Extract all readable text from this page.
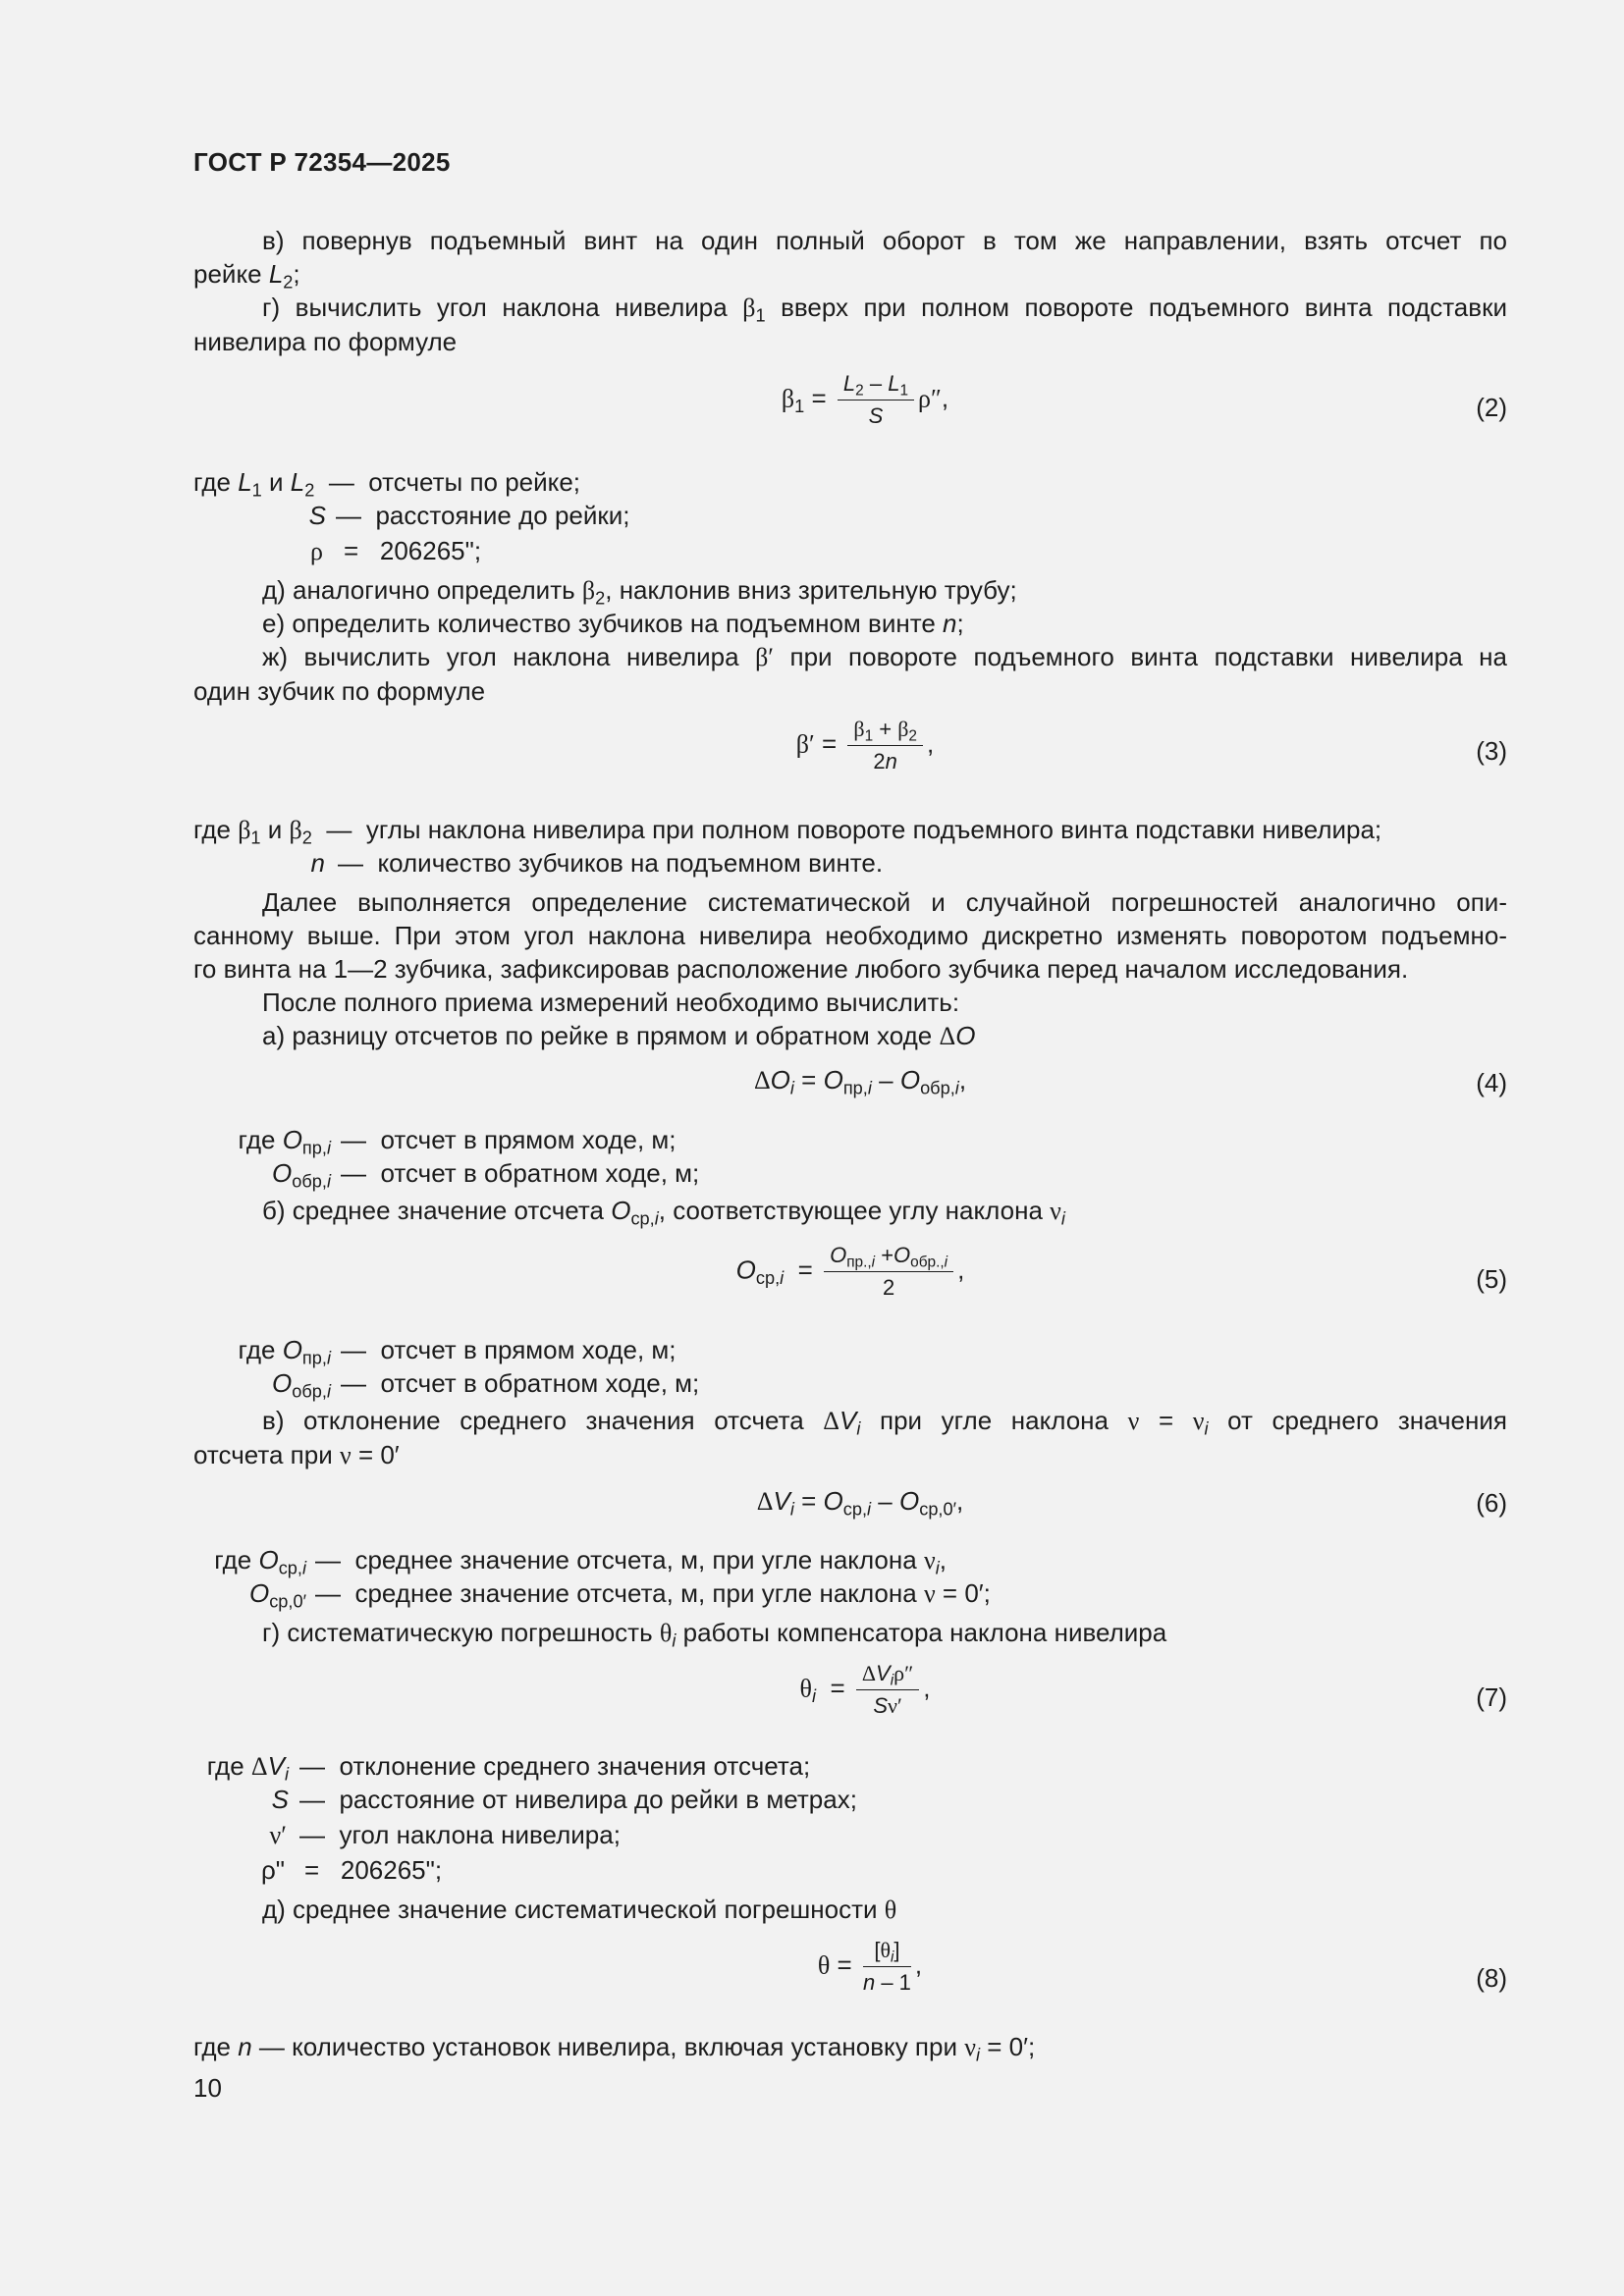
ГОСТ Р 72354—2025
в) повернув подъемный винт на один полный оборот в том же направлении, взять отсчет по
рейке $L_2$;
г) вычислить угол наклона нивелира $\beta_1$ вверх при полном повороте подъемного винта подставки
нивелира по формуле
$\beta_1 = \frac{L_2 - L_1}{S} \rho''$,	(2)
где $L_1$ и $L_2$  —  отсчеты по рейке;
S —  расстояние до рейки;
ρ =   206265";
д) аналогично определить $\beta_2$, наклонив вниз зрительную трубу;
е) определить количество зубчиков на подъемном винте n;
ж) вычислить угол наклона нивелира β′ при повороте подъемного винта подставки нивелира на
один зубчик по формуле
$\beta' = \frac{\beta_1 + \beta_2}{2n}$ ,	(3)
где $\beta_1$ и $\beta_2$  —  углы наклона нивелира при полном повороте подъемного винта подставки нивелира;
n —  количество зубчиков на подъемном винте.
Далее выполняется определение систематической и случайной погрешностей аналогично опи-
санному выше. При этом угол наклона нивелира необходимо дискретно изменять поворотом подъемно-
го винта на 1—2 зубчика, зафиксировав расположение любого зубчика перед началом исследования.
После полного приема измерений необходимо вычислить:
а) разницу отсчетов по рейке в прямом и обратном ходе ΔO
$\Delta O_i = O_{пр,i} - O_{обр,i}$,	(4)
где $O_{пр,i}$ —  отсчет в прямом ходе, м;
$O_{обр,i}$ —  отсчет в обратном ходе, м;
б) среднее значение отсчета $O_{ср,i}$, соответствующее углу наклона $\nu_i$
$O_{ср,i} = \frac{O_{пр.,i} +O_{обр.,i}}{2}$ ,	(5)
где $O_{пр,i}$ —  отсчет в прямом ходе, м;
$O_{обр,i}$ —  отсчет в обратном ходе, м;
в) отклонение среднего значения отсчета $\Delta V_i$ при угле наклона $\nu = \nu_i$ от среднего значения
отсчета при ν = 0′
$\Delta V_i = O_{ср,i} - O_{ср,0'}$,	(6)
где $O_{ср,i}$ —  среднее значение отсчета, м, при угле наклона $\nu_i$,
$O_{ср,0'}$ —  среднее значение отсчета, м, при угле наклона ν = 0′;
г) систематическую погрешность $\theta_i$ работы компенсатора наклона нивелира
$\theta_i = \frac{\Delta V_i\rho''}{S\nu'}$ ,	(7)
где $\Delta V_i$ —  отклонение среднего значения отсчета;
S —  расстояние от нивелира до рейки в метрах;
ν′ —  угол наклона нивелира;
ρ" =   206265";
д) среднее значение систематической погрешности θ
$\theta = \frac{[\theta_i]}{n - 1}$ ,	(8)
где n — количество установок нивелира, включая установку при $\nu_i = 0'$;
10
